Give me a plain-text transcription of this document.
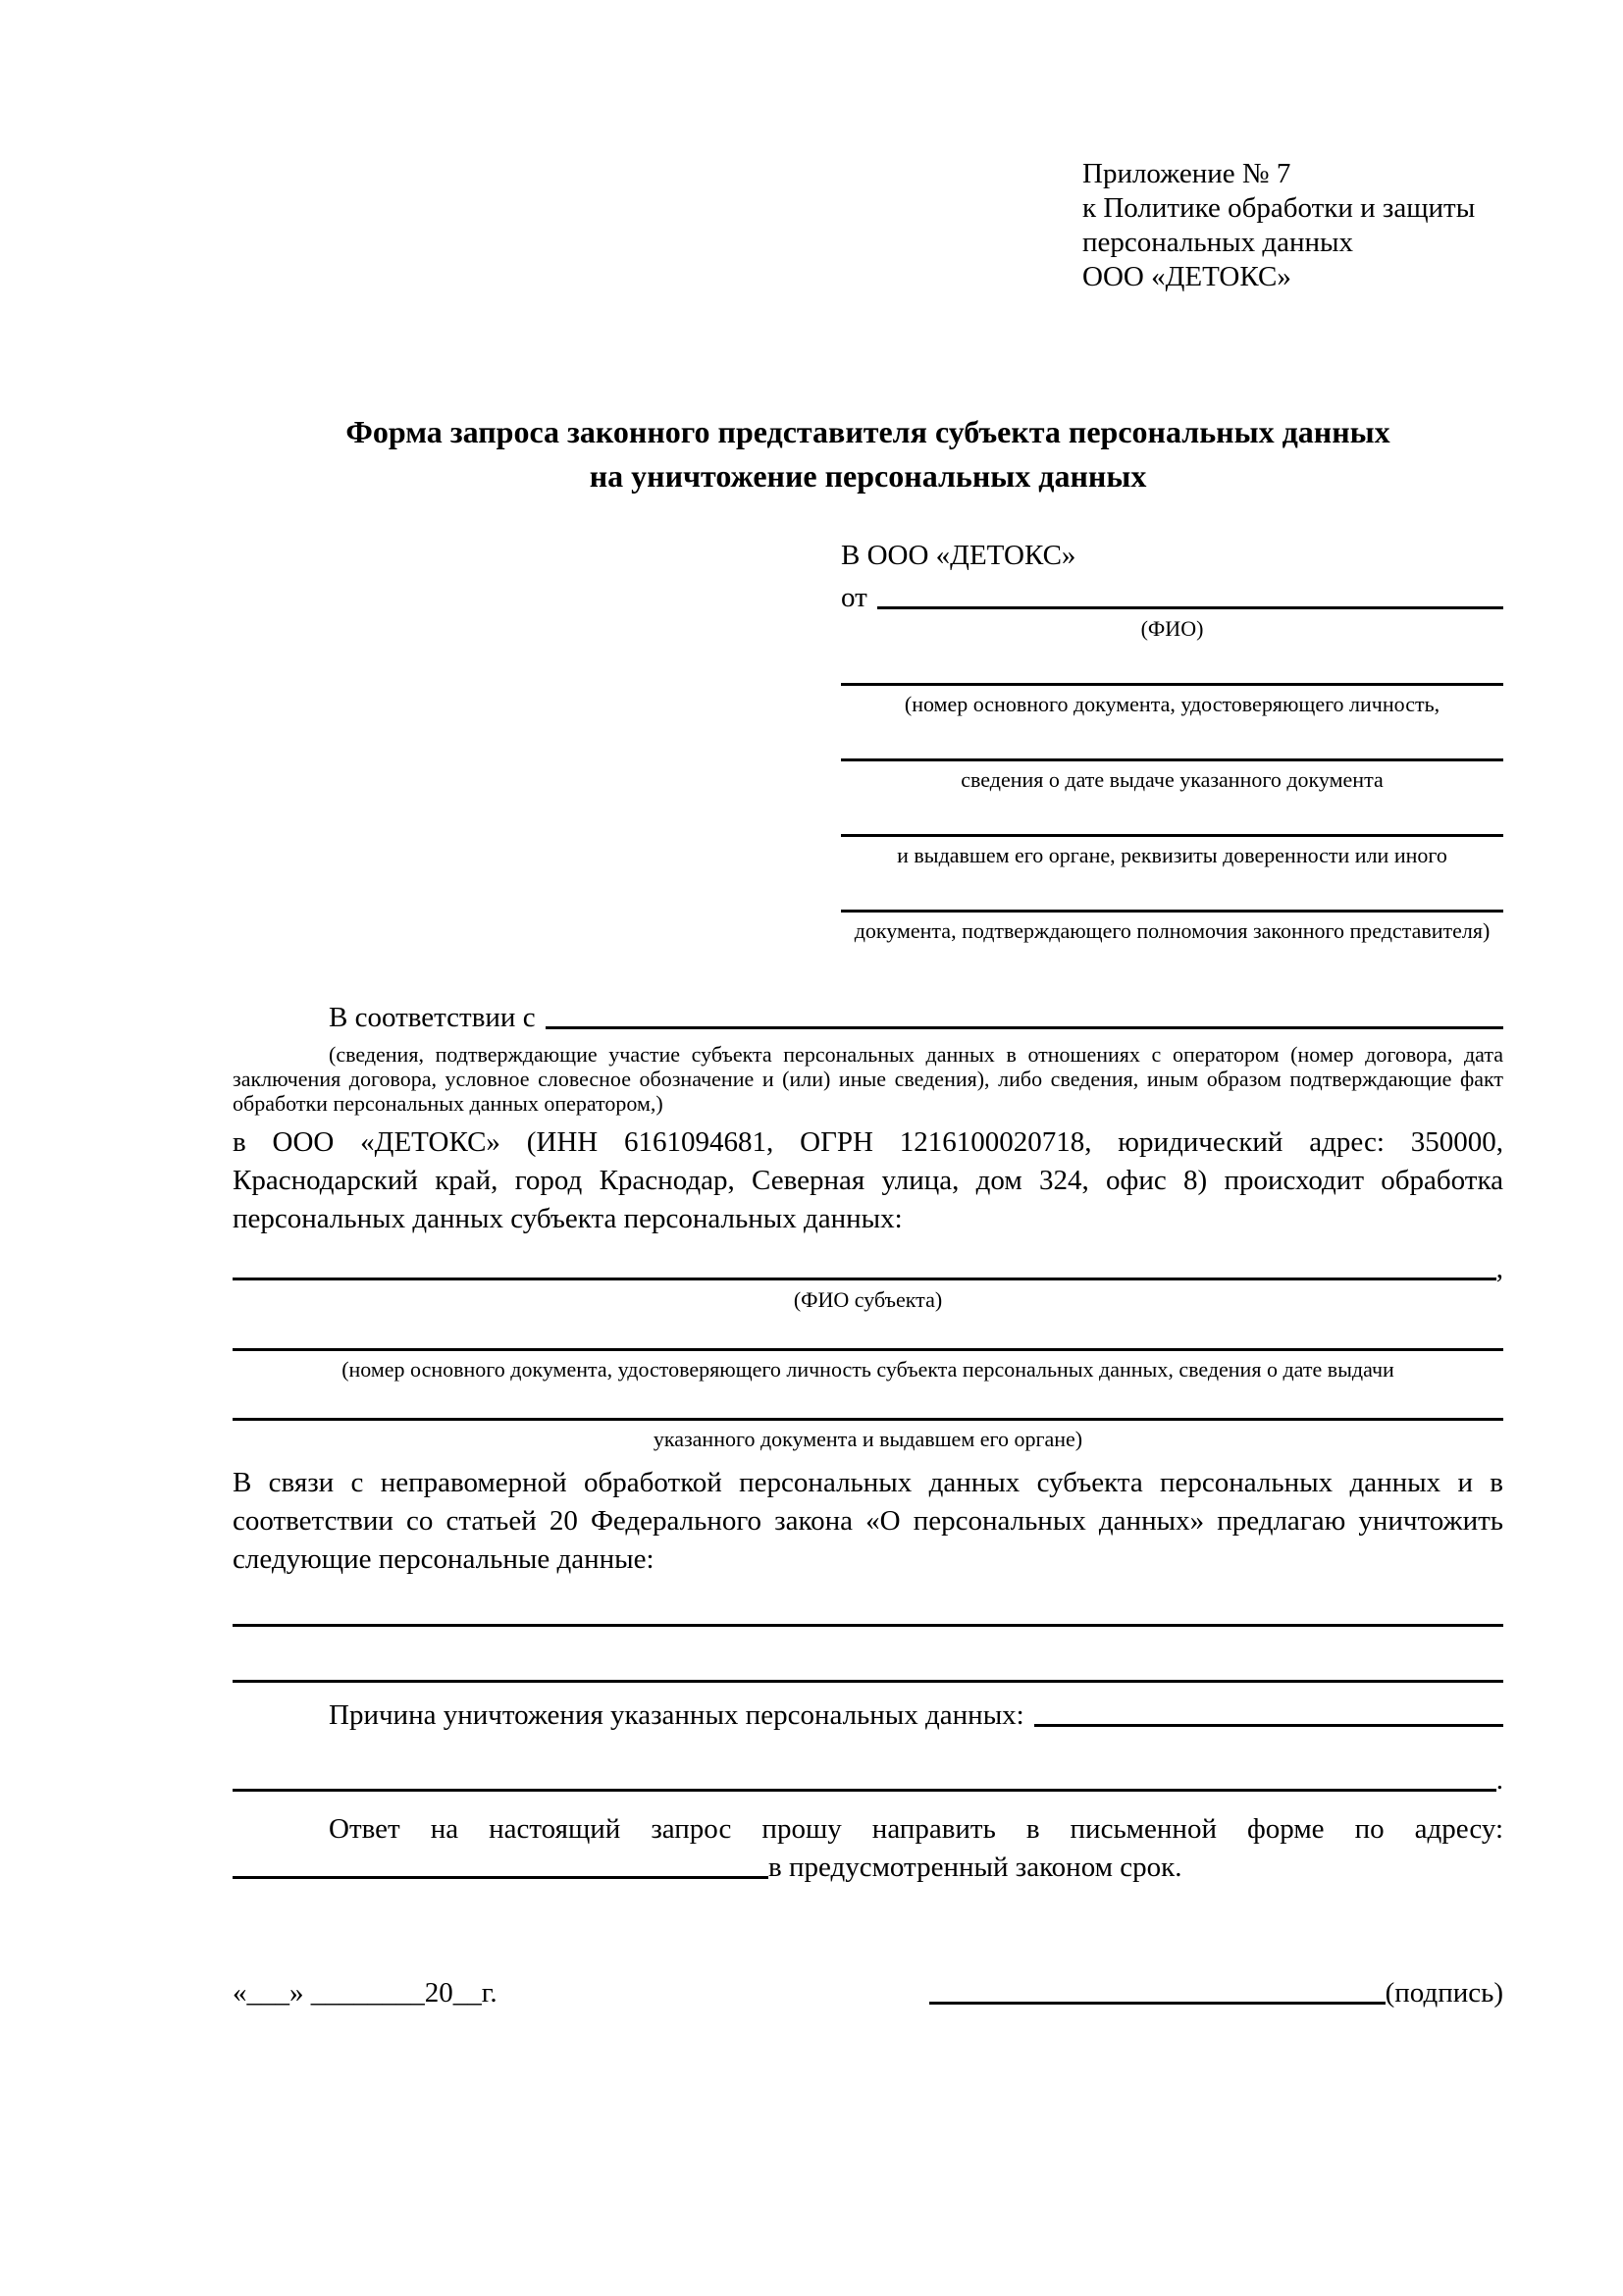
Приложение № 7
к Политике обработки и защиты
персональных данных
ООО «ДЕТОКС»
Форма запроса законного представителя субъекта персональных данных
на уничтожение персональных данных
В ООО «ДЕТОКС»
от
(ФИО)
(номер основного документа, удостоверяющего личность,
сведения о дате выдаче указанного документа
и выдавшем его органе, реквизиты доверенности или иного
документа, подтверждающего полномочия законного представителя)
В соответствии с
(сведения, подтверждающие участие субъекта персональных данных в отношениях с оператором (номер договора, дата заключения договора, условное словесное обозначение и (или) иные сведения), либо сведения, иным образом подтверждающие факт обработки персональных данных оператором,)

в ООО «ДЕТОКС» (ИНН 6161094681, ОГРН 1216100020718, юридический адрес: 350000, Краснодарский край, город Краснодар, Северная улица, дом 324, офис 8) происходит обработка персональных данных субъекта персональных данных:

,
(ФИО субъекта)
(номер основного документа, удостоверяющего личность субъекта персональных данных, сведения о дате выдачи
указанного документа и выдавшем его органе)

В связи с неправомерной обработкой персональных данных субъекта персональных данных и в соответствии со статьей 20 Федерального закона «О персональных данных» предлагаю уничтожить следующие персональные данные:

Причина уничтожения указанных персональных данных:
.
Ответ на настоящий запрос прошу направить в письменной форме по адресу:
в предусмотренный законом срок.
«___» ________20__г.	(подпись)
